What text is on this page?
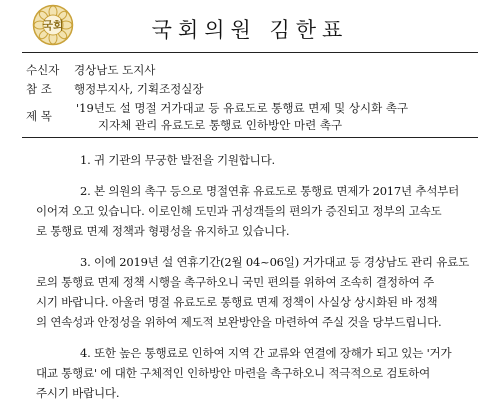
국회	국회의원 김한표
수신자 경상남도 도지사
참 조 행정부지사, 기획조정실장
제 목
'19년도 설 명절 거가대교 등 유료도로 통행료 면제 및 상시화 촉구
지자체 관리 유료도로 통행료 인하방안 마련 촉구
1. 귀 기관의 무궁한 발전을 기원합니다.
2. 본 의원의 촉구 등으로 명절연휴 유료도로 통행료 면제가 2017년 추석부터
이어져 오고 있습니다. 이로인해 도민과 귀성객들의 편의가 증진되고 정부의 고속도
로 통행료 면제 정책과 형평성을 유지하고 있습니다.
3. 이에 2019년 설 연휴기간(2월 04~06일) 거가대교 등 경상남도 관리 유료도
로의 통행료 면제 정책 시행을 촉구하오니 국민 편의를 위하여 조속히 결정하여 주
시기 바랍니다. 아울러 명절 유료도로 통행료 면제 정책이 사실상 상시화된 바 정책
의 연속성과 안정성을 위하여 제도적 보완방안을 마련하여 주실 것을 당부드립니다.
4. 또한 높은 통행료로 인하여 지역 간 교류와 연결에 장해가 되고 있는 '거가
대교 통행료' 에 대한 구체적인 인하방안 마련을 촉구하오니 적극적으로 검토하여
주시기 바랍니다.
